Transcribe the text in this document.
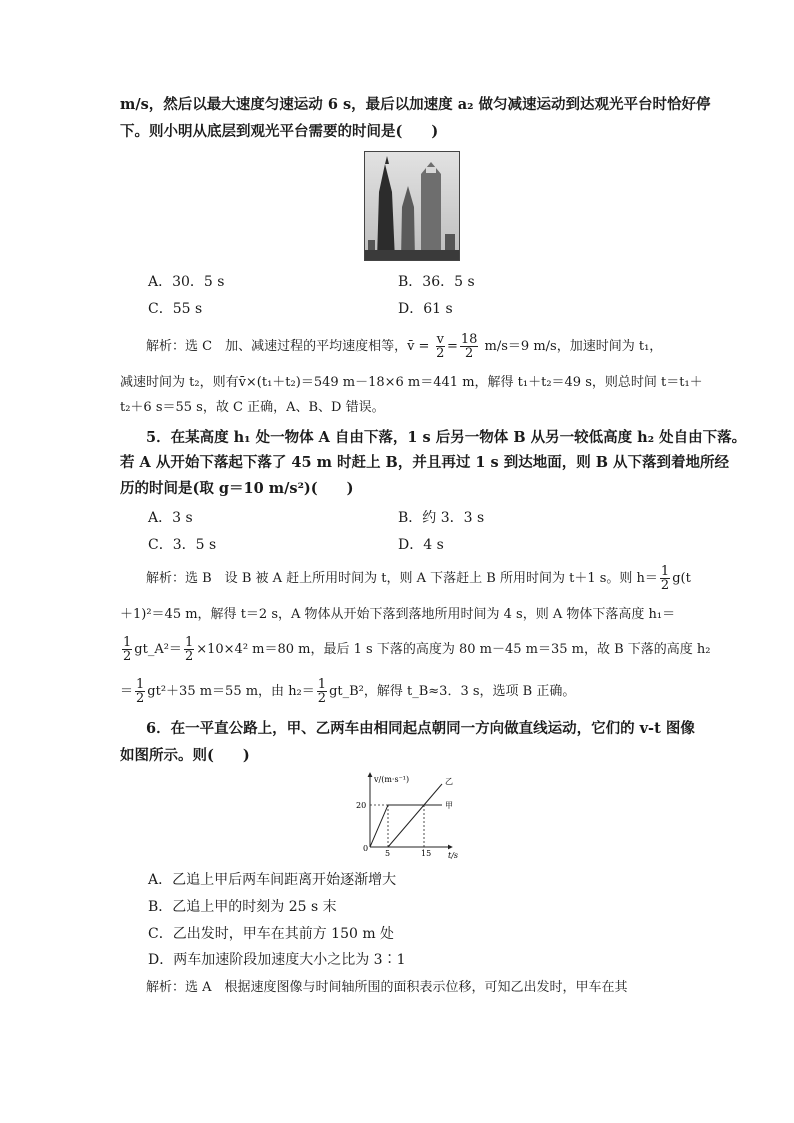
m/s，然后以最大速度匀速运动 6 s，最后以加速度 a₂ 做匀减速运动到达观光平台时恰好停
下。则小明从底层到观光平台需要的时间是(　　)
A．30．5 s	B．36．5 s
C．55 s	D．61 s
解析：选 C　加、减速过程的平均速度相等，v̄ = $\frac{v}{2} = \frac{18}{2} m/s=9$ m/s，加速时间为 t₁，
减速时间为 t₂，则有v̄×(t₁＋t₂)＝549 m－18×6 m＝441 m，解得 t₁＋t₂＝49 s，则总时间 t＝t₁＋
t₂＋6 s＝55 s，故 C 正确，A、B、D 错误。
5．在某高度 h₁ 处一物体 A 自由下落，1 s 后另一物体 B 从另一较低高度 h₂ 处自由下落。
若 A 从开始下落起下落了 45 m 时赶上 B，并且再过 1 s 到达地面，则 B 从下落到着地所经
历的时间是(取 g＝10 m/s²)(　　)
A．3 s	B．约 3．3 s
C．3．5 s	D．4 s
解析：选 B　设 B 被 A 赶上所用时间为 t，则 A 下落赶上 B 所用时间为 t＋1 s。则 $h= \frac{1}{2} g(t$
＋1)²＝45 m，解得 t＝2 s，A 物体从开始下落到落地所用时间为 4 s，则 A 物体下落高度 h₁＝
$\frac{1}{2}$ gt_A²＝ $\frac{1}{2} \times 10\times 4^2$ m＝80 m，最后 1 s 下落的高度为 80 m－45 m＝35 m，故 B 下落的高度 h₂
＝ $\frac{1}{2} gt^2+35$ m＝55 m，由 $h_2= \frac{1}{2}$ gt_B²，解得 t_B≈3．3 s，选项 B 正确。
6．在一平直公路上，甲、乙两车由相同起点朝同一方向做直线运动，它们的 v-t 图像
如图所示。则(　　)
v/(m·s⁻¹)
t/s
0
甲
乙
5	15
20
A．乙追上甲后两车间距离开始逐渐增大
B．乙追上甲的时刻为 25 s 末
C．乙出发时，甲车在其前方 150 m 处
D．两车加速阶段加速度大小之比为 3∶1
解析：选 A　根据速度图像与时间轴所围的面积表示位移，可知乙出发时，甲车在其
